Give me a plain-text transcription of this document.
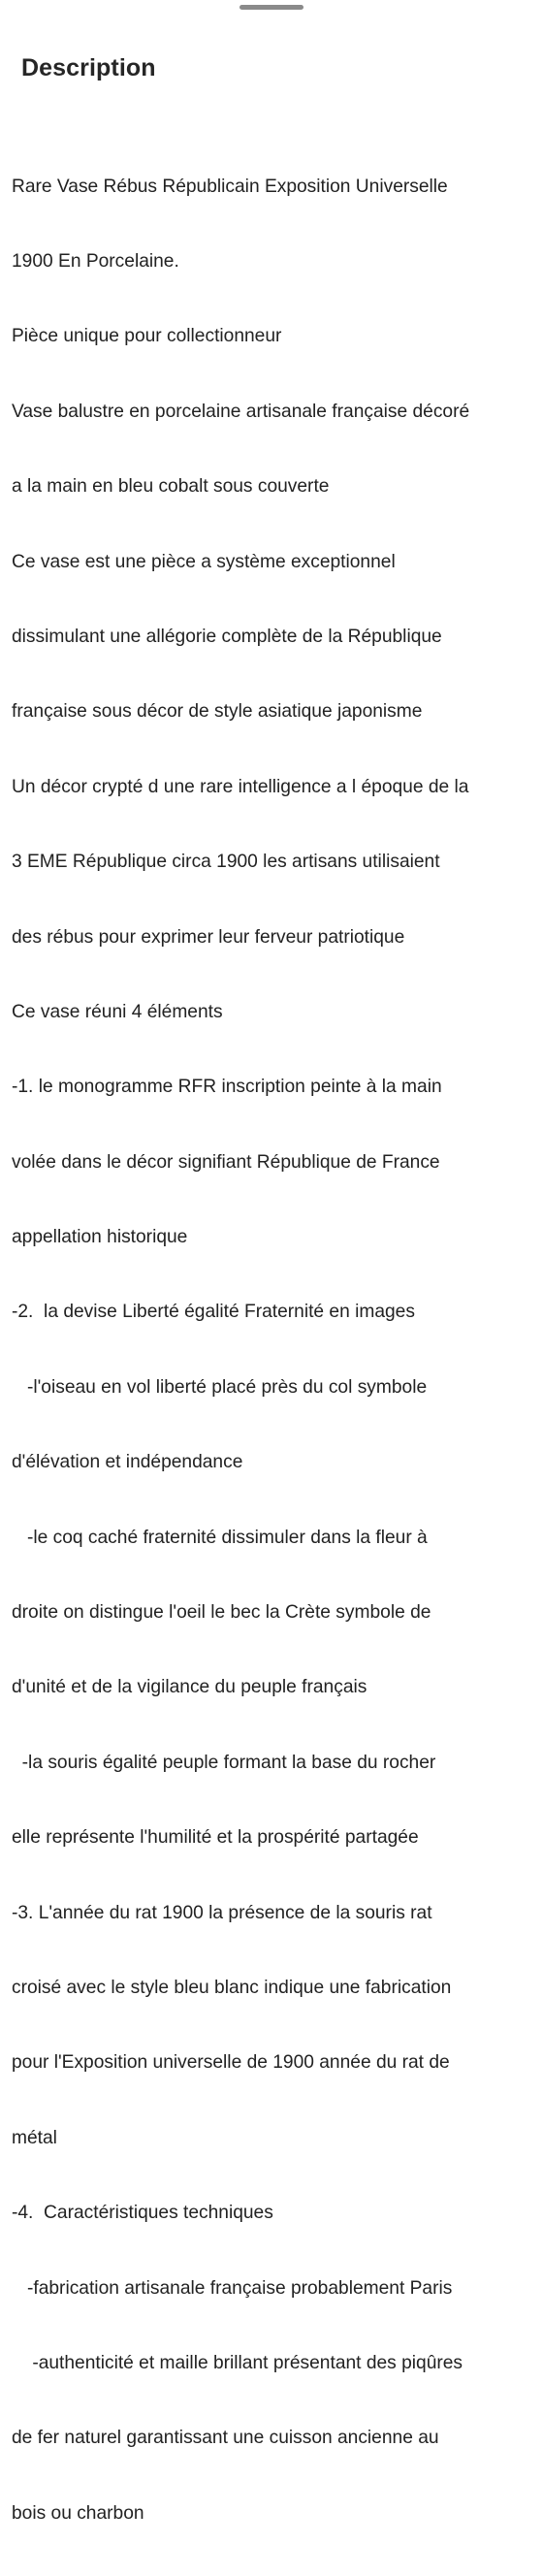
Description

Rare Vase Rébus Républicain Exposition Universelle

1900 En Porcelaine.

Pièce unique pour collectionneur

Vase balustre en porcelaine artisanale française décoré

a la main en bleu cobalt sous couverte

Ce vase est une pièce a système exceptionnel

dissimulant une allégorie complète de la République

française sous décor de style asiatique japonisme

Un décor crypté d une rare intelligence a l époque de la

3 EME République circa 1900 les artisans utilisaient

des rébus pour exprimer leur ferveur patriotique

Ce vase réuni 4 éléments

-1. le monogramme RFR inscription peinte à la main

volée dans le décor signifiant République de France

appellation historique

-2.  la devise Liberté égalité Fraternité en images

-l'oiseau en vol liberté placé près du col symbole

d'élévation et indépendance

-le coq caché fraternité dissimuler dans la fleur à

droite on distingue l'oeil le bec la Crète symbole de

d'unité et de la vigilance du peuple français

-la souris égalité peuple formant la base du rocher

elle représente l'humilité et la prospérité partagée

-3. L'année du rat 1900 la présence de la souris rat

croisé avec le style bleu blanc indique une fabrication

pour l'Exposition universelle de 1900 année du rat de

métal

-4.  Caractéristiques techniques

-fabrication artisanale française probablement Paris

-authenticité et maille brillant présentant des piqûres

de fer naturel garantissant une cuisson ancienne au

bois ou charbon
